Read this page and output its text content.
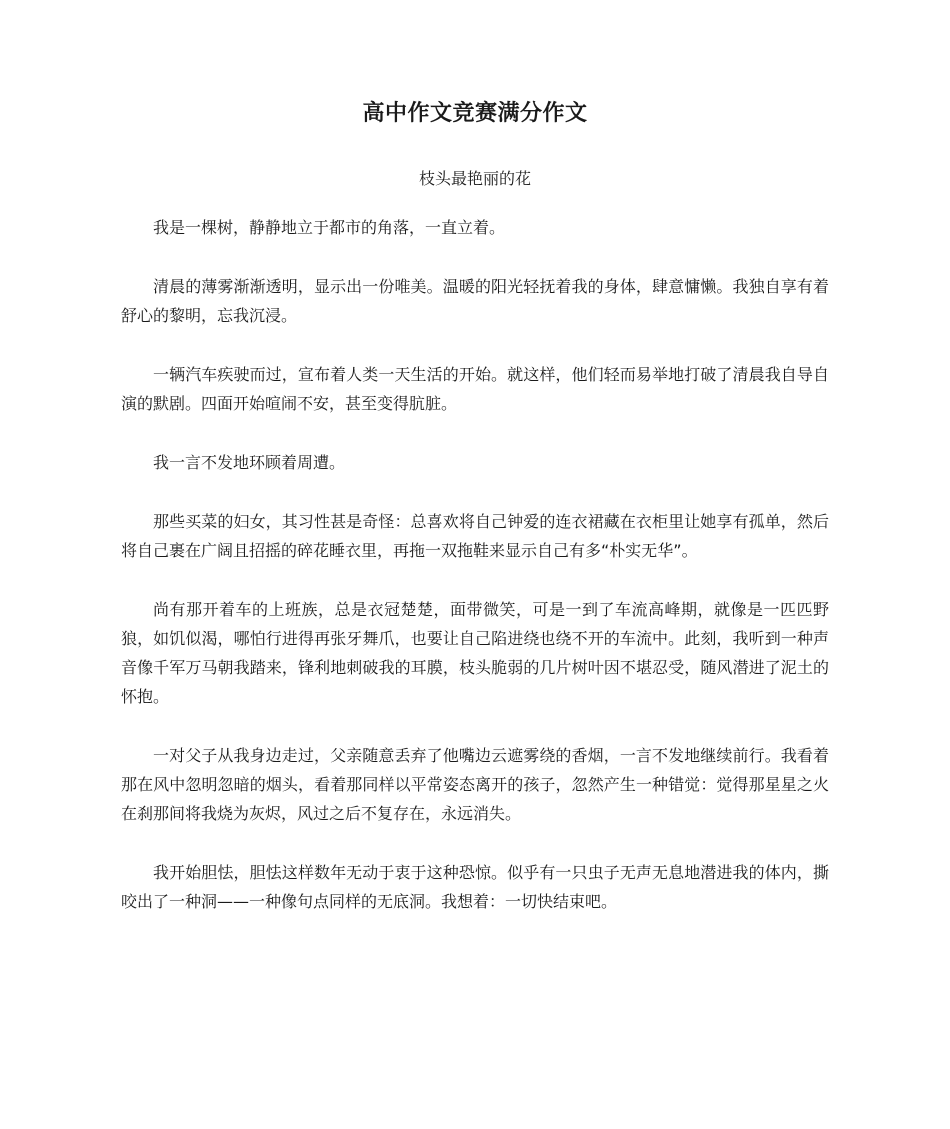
高中作文竞赛满分作文
枝头最艳丽的花

我是一棵树，静静地立于都市的角落，一直立着。

清晨的薄雾渐渐透明，显示出一份唯美。温暖的阳光轻抚着我的身体，肆意慵懒。我独自享有着舒心的黎明，忘我沉浸。

一辆汽车疾驶而过，宣布着人类一天生活的开始。就这样，他们轻而易举地打破了清晨我自导自演的默剧。四面开始喧闹不安，甚至变得肮脏。

我一言不发地环顾着周遭。

那些买菜的妇女，其习性甚是奇怪：总喜欢将自己钟爱的连衣裙藏在衣柜里让她享有孤单，然后将自己裹在广阔且招摇的碎花睡衣里，再拖一双拖鞋来显示自己有多“朴实无华”。

尚有那开着车的上班族，总是衣冠楚楚，面带微笑，可是一到了车流高峰期，就像是一匹匹野狼，如饥似渴，哪怕行进得再张牙舞爪，也要让自己陷进绕也绕不开的车流中。此刻，我听到一种声音像千军万马朝我踏来，锋利地刺破我的耳膜，枝头脆弱的几片树叶因不堪忍受，随风潜进了泥土的怀抱。

一对父子从我身边走过，父亲随意丢弃了他嘴边云遮雾绕的香烟，一言不发地继续前行。我看着那在风中忽明忽暗的烟头，看着那同样以平常姿态离开的孩子，忽然产生一种错觉：觉得那星星之火在刹那间将我烧为灰烬，风过之后不复存在，永远消失。

我开始胆怯，胆怯这样数年无动于衷于这种恐惊。似乎有一只虫子无声无息地潜进我的体内，撕咬出了一种洞——一种像句点同样的无底洞。我想着：一切快结束吧。
